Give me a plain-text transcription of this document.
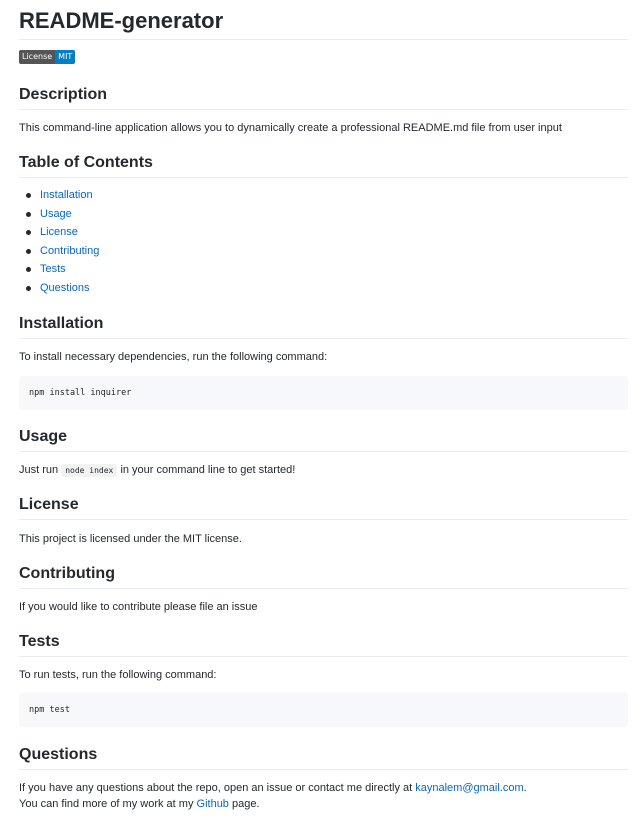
README-generator
License MIT
Description

This command-line application allows you to dynamically create a professional README.md file from user input

Table of Contents
Installation
Usage
License
Contributing
Tests
Questions
Installation

To install necessary dependencies, run the following command:

npm install inquirer
Usage

Just run node index in your command line to get started!

License

This project is licensed under the MIT license.

Contributing

If you would like to contribute please file an issue

Tests

To run tests, run the following command:

npm test
Questions

If you have any questions about the repo, open an issue or contact me directly at kaynalem@gmail.com.

You can find more of my work at my Github page.
